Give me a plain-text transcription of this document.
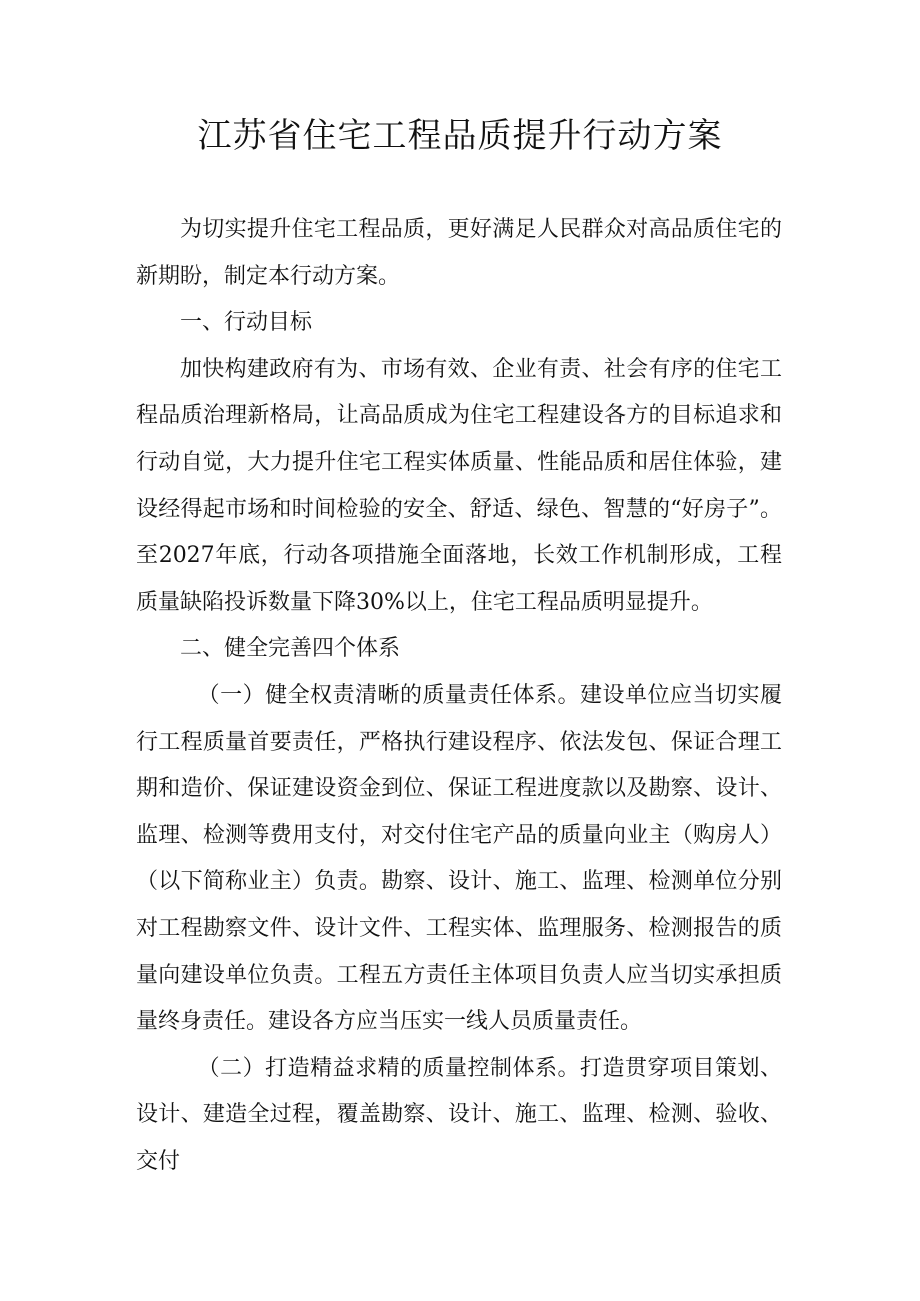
江苏省住宅工程品质提升行动方案

为切实提升住宅工程品质，更好满足人民群众对高品质住宅的新期盼，制定本行动方案。

一、行动目标

加快构建政府有为、市场有效、企业有责、社会有序的住宅工程品质治理新格局，让高品质成为住宅工程建设各方的目标追求和行动自觉，大力提升住宅工程实体质量、性能品质和居住体验，建设经得起市场和时间检验的安全、舒适、绿色、智慧的“好房子”。至2027年底，行动各项措施全面落地，长效工作机制形成，工程质量缺陷投诉数量下降30%以上，住宅工程品质明显提升。

二、健全完善四个体系

（一）健全权责清晰的质量责任体系。建设单位应当切实履行工程质量首要责任，严格执行建设程序、依法发包、保证合理工期和造价、保证建设资金到位、保证工程进度款以及勘察、设计、监理、检测等费用支付，对交付住宅产品的质量向业主（购房人）（以下简称业主）负责。勘察、设计、施工、监理、检测单位分别对工程勘察文件、设计文件、工程实体、监理服务、检测报告的质量向建设单位负责。工程五方责任主体项目负责人应当切实承担质量终身责任。建设各方应当压实一线人员质量责任。

（二）打造精益求精的质量控制体系。打造贯穿项目策划、设计、建造全过程，覆盖勘察、设计、施工、监理、检测、验收、交付
